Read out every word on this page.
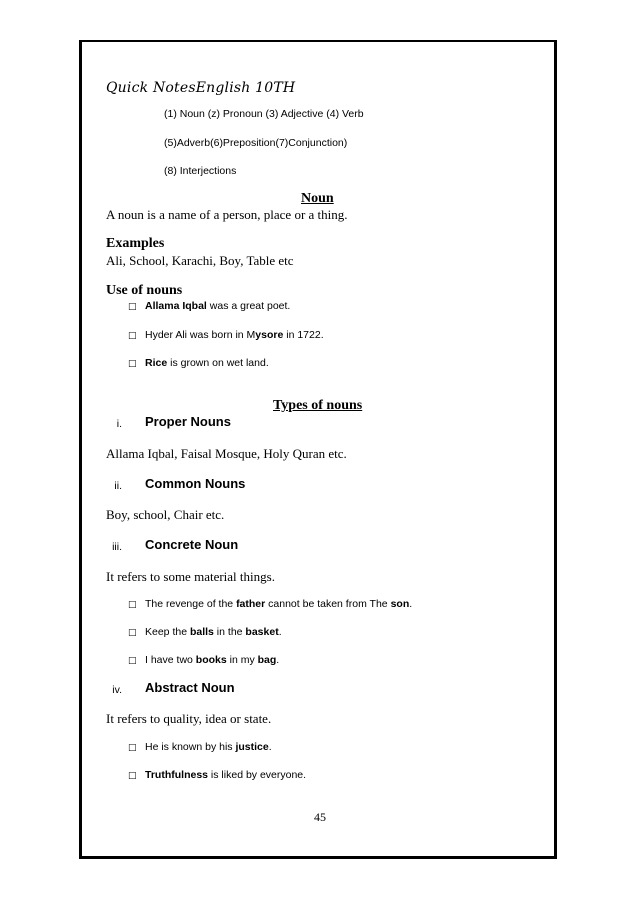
Quick NotesEnglish 10TH
(1) Noun (z) Pronoun (3) Adjective (4) Verb
(5)Adverb(6)Preposition(7)Conjunction)
(8) Interjections
Noun
A noun is a name of a person, place or a thing.
Examples
Ali, School, Karachi, Boy, Table etc
Use of nouns
□ Allama Iqbal was a great poet.
□ Hyder Ali was born in Mysore in 1722.
□ Rice is grown on wet land.
Types of nouns
i. Proper Nouns
Allama Iqbal, Faisal Mosque, Holy Quran etc.
ii. Common Nouns
Boy, school, Chair etc.
iii. Concrete Noun
It refers to some material things.
□ The revenge of the father cannot be taken from The son.
□ Keep the balls in the basket.
□ I have two books in my bag.
iv. Abstract Noun
It refers to quality, idea or state.
□ He is known by his justice.
□ Truthfulness is liked by everyone.
45
